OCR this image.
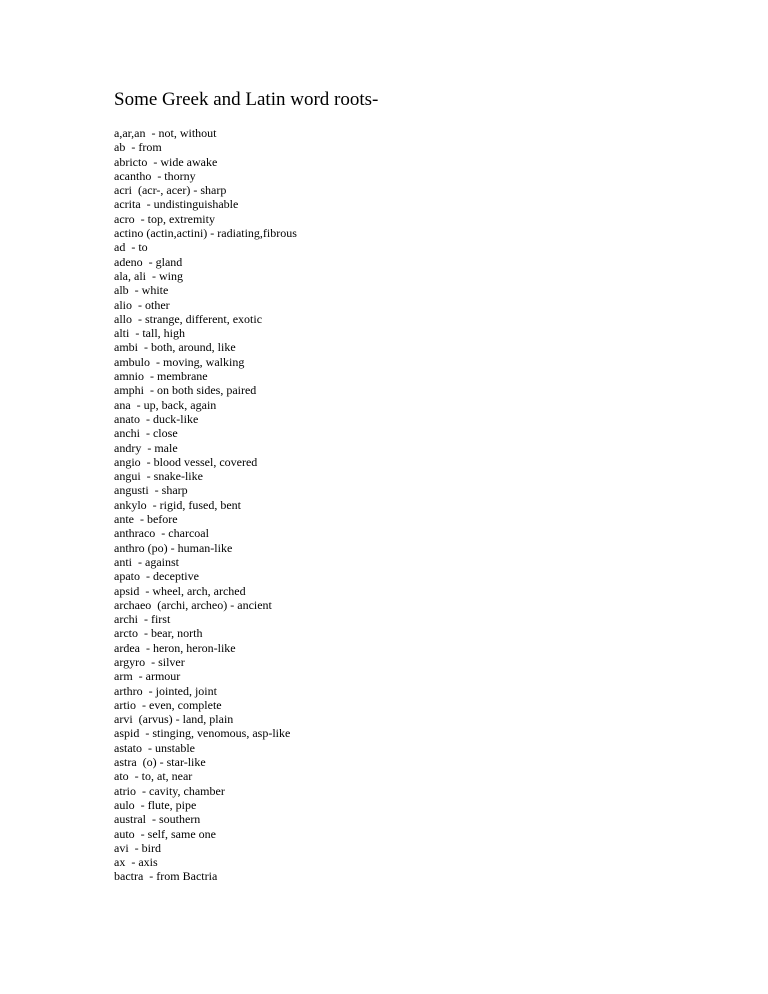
Some Greek and Latin word roots-
a,ar,an  - not, without
ab  - from
abricto  - wide awake
acantho  - thorny
acri  (acr-, acer) - sharp
acrita  - undistinguishable
acro  - top, extremity
actino (actin,actini) - radiating,fibrous
ad  - to
adeno  - gland
ala, ali  - wing
alb  - white
alio  - other
allo  - strange, different, exotic
alti  - tall, high
ambi  - both, around, like
ambulo  - moving, walking
amnio  - membrane
amphi  - on both sides, paired
ana  - up, back, again
anato  - duck-like
anchi  - close
andry  - male
angio  - blood vessel, covered
angui  - snake-like
angusti  - sharp
ankylo  - rigid, fused, bent
ante  - before
anthraco  - charcoal
anthro (po) - human-like
anti  - against
apato  - deceptive
apsid  - wheel, arch, arched
archaeo  (archi, archeo) - ancient
archi  - first
arcto  - bear, north
ardea  - heron, heron-like
argyro  - silver
arm  - armour
arthro  - jointed, joint
artio  - even, complete
arvi  (arvus) - land, plain
aspid  - stinging, venomous, asp-like
astato  - unstable
astra  (o) - star-like
ato  - to, at, near
atrio  - cavity, chamber
aulo  - flute, pipe
austral  - southern
auto  - self, same one
avi  - bird
ax  - axis
bactra  - from Bactria
